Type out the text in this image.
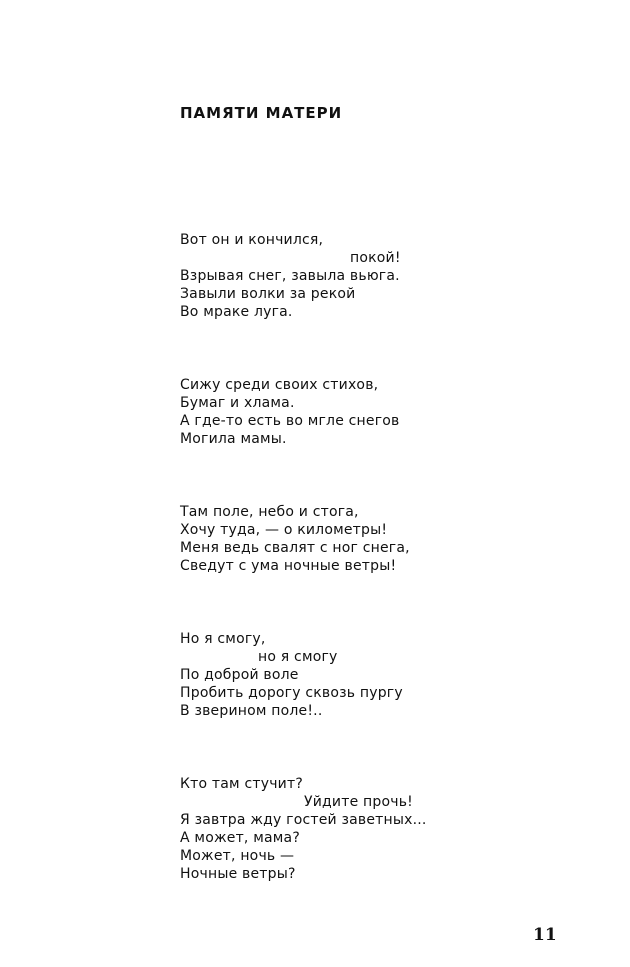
ПАМЯТИ МАТЕРИ
Вот он и кончился,
покой!
Взрывая снег, завыла вьюга.
Завыли волки за рекой
Во мраке луга.
Сижу среди своих стихов,
Бумаг и хлама.
А где-то есть во мгле снегов
Могила мамы.
Там поле, небо и стога,
Хочу туда, — о километры!
Меня ведь свалят с ног снега,
Сведут с ума ночные ветры!
Но я смогу,
но я смогу
По доброй воле
Пробить дорогу сквозь пургу
В зверином поле!..
Кто там стучит?
Уйдите прочь!
Я завтра жду гостей заветных...
А может, мама?
Может, ночь —
Ночные ветры?

11
